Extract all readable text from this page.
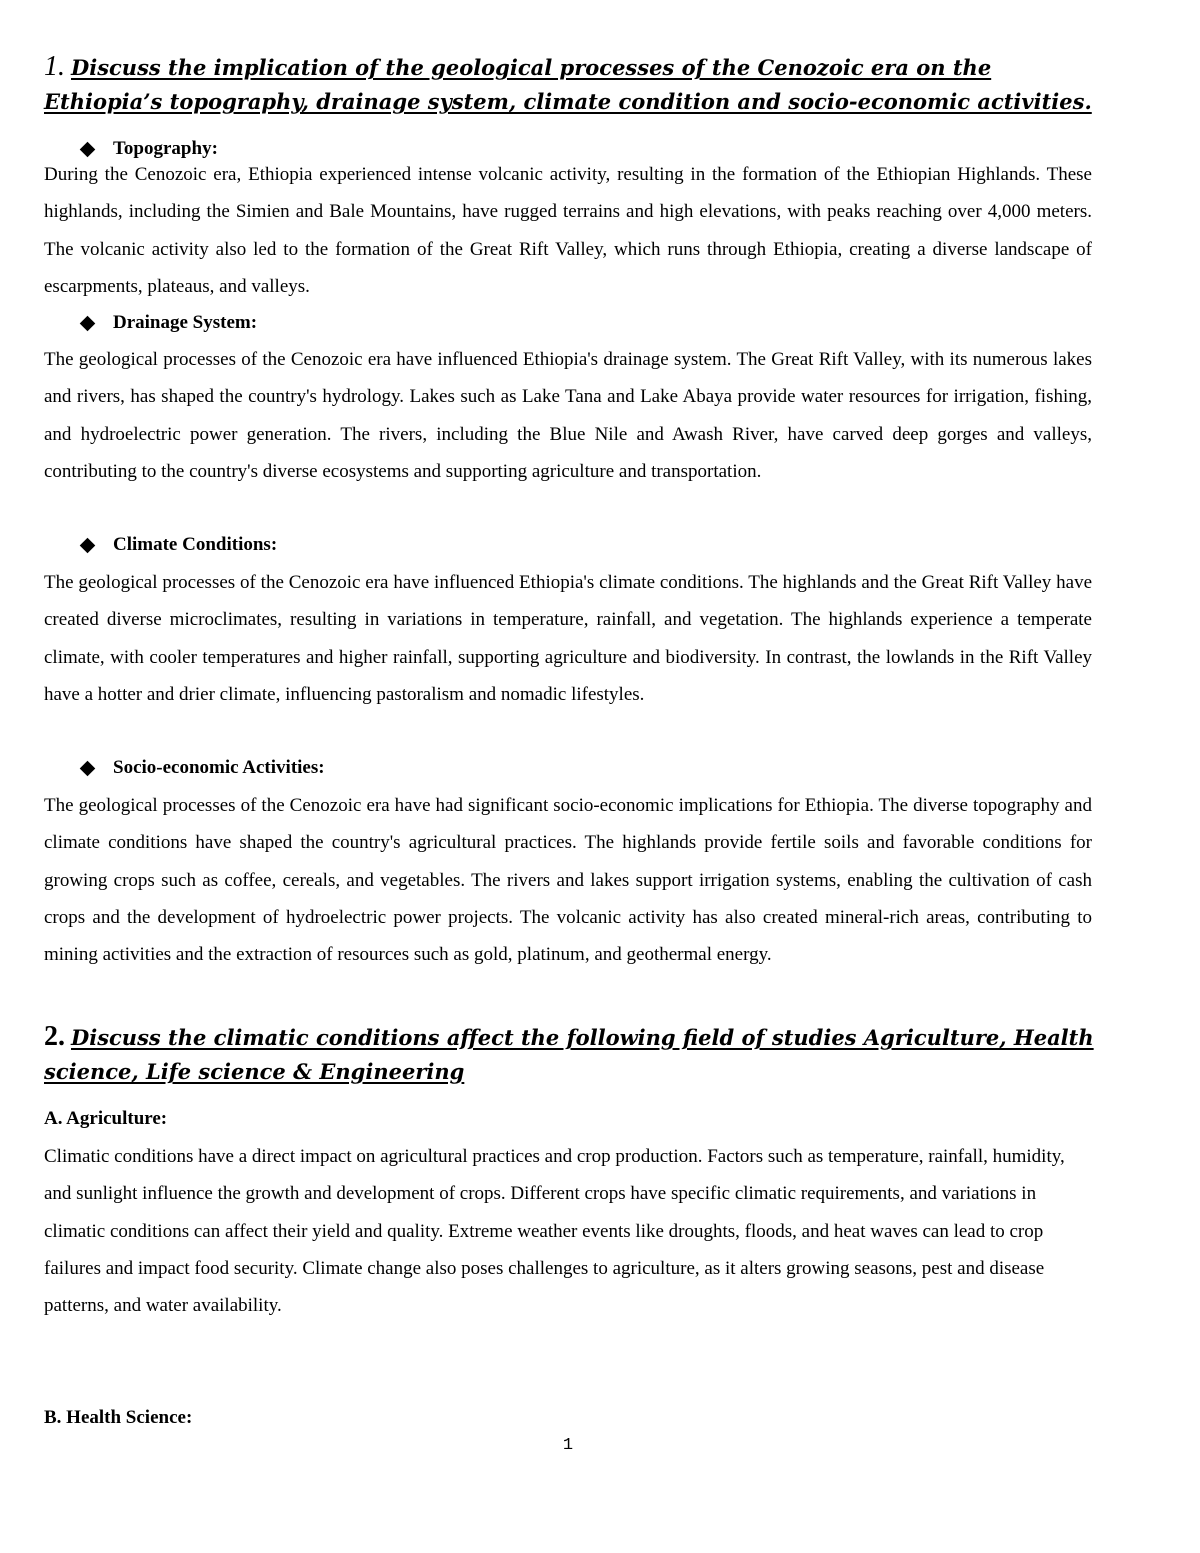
1. Discuss the implication of the geological processes of the Cenozoic era on the Ethiopia’s topography, drainage system, climate condition and socio-economic activities.
Topography:

During the Cenozoic era, Ethiopia experienced intense volcanic activity, resulting in the formation of the Ethiopian Highlands. These highlands, including the Simien and Bale Mountains, have rugged terrains and high elevations, with peaks reaching over 4,000 meters. The volcanic activity also led to the formation of the Great Rift Valley, which runs through Ethiopia, creating a diverse landscape of escarpments, plateaus, and valleys.

Drainage System:

The geological processes of the Cenozoic era have influenced Ethiopia's drainage system. The Great Rift Valley, with its numerous lakes and rivers, has shaped the country's hydrology. Lakes such as Lake Tana and Lake Abaya provide water resources for irrigation, fishing, and hydroelectric power generation. The rivers, including the Blue Nile and Awash River, have carved deep gorges and valleys, contributing to the country's diverse ecosystems and supporting agriculture and transportation.

Climate Conditions:

The geological processes of the Cenozoic era have influenced Ethiopia's climate conditions. The highlands and the Great Rift Valley have created diverse microclimates, resulting in variations in temperature, rainfall, and vegetation. The highlands experience a temperate climate, with cooler temperatures and higher rainfall, supporting agriculture and biodiversity. In contrast, the lowlands in the Rift Valley have a hotter and drier climate, influencing pastoralism and nomadic lifestyles.

Socio-economic Activities:

The geological processes of the Cenozoic era have had significant socio-economic implications for Ethiopia. The diverse topography and climate conditions have shaped the country's agricultural practices. The highlands provide fertile soils and favorable conditions for growing crops such as coffee, cereals, and vegetables. The rivers and lakes support irrigation systems, enabling the cultivation of cash crops and the development of hydroelectric power projects. The volcanic activity has also created mineral-rich areas, contributing to mining activities and the extraction of resources such as gold, platinum, and geothermal energy.

2. Discuss the climatic conditions affect the following field of studies Agriculture, Health science, Life science & Engineering
A. Agriculture:

Climatic conditions have a direct impact on agricultural practices and crop production. Factors such as temperature, rainfall, humidity, and sunlight influence the growth and development of crops. Different crops have specific climatic requirements, and variations in climatic conditions can affect their yield and quality. Extreme weather events like droughts, floods, and heat waves can lead to crop failures and impact food security. Climate change also poses challenges to agriculture, as it alters growing seasons, pest and disease patterns, and water availability.

B. Health Science:
1
